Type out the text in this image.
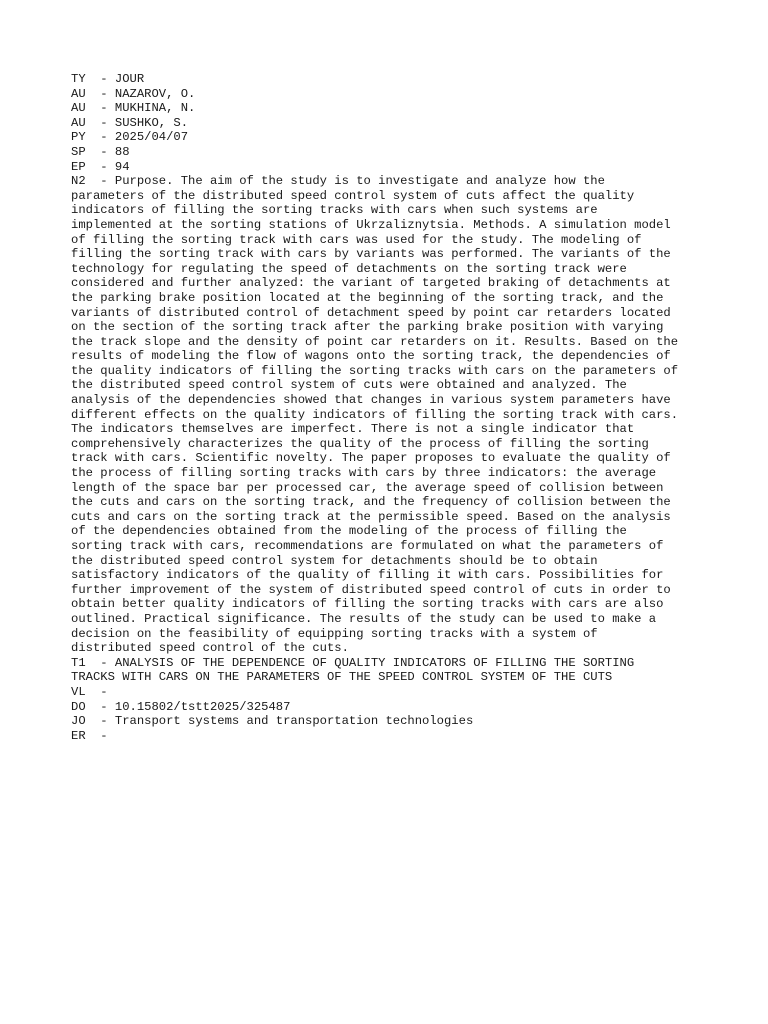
TY  - JOUR
AU  - NAZAROV, O.
AU  - MUKHINA, N.
AU  - SUSHKO, S.
PY  - 2025/04/07
SP  - 88
EP  - 94
N2  - Purpose. The aim of the study is to investigate and analyze how the
parameters of the distributed speed control system of cuts affect the quality
indicators of filling the sorting tracks with cars when such systems are
implemented at the sorting stations of Ukrzaliznytsia. Methods. A simulation model
of filling the sorting track with cars was used for the study. The modeling of
filling the sorting track with cars by variants was performed. The variants of the
technology for regulating the speed of detachments on the sorting track were
considered and further analyzed: the variant of targeted braking of detachments at
the parking brake position located at the beginning of the sorting track, and the
variants of distributed control of detachment speed by point car retarders located
on the section of the sorting track after the parking brake position with varying
the track slope and the density of point car retarders on it. Results. Based on the
results of modeling the flow of wagons onto the sorting track, the dependencies of
the quality indicators of filling the sorting tracks with cars on the parameters of
the distributed speed control system of cuts were obtained and analyzed. The
analysis of the dependencies showed that changes in various system parameters have
different effects on the quality indicators of filling the sorting track with cars.
The indicators themselves are imperfect. There is not a single indicator that
comprehensively characterizes the quality of the process of filling the sorting
track with cars. Scientific novelty. The paper proposes to evaluate the quality of
the process of filling sorting tracks with cars by three indicators: the average
length of the space bar per processed car, the average speed of collision between
the cuts and cars on the sorting track, and the frequency of collision between the
cuts and cars on the sorting track at the permissible speed. Based on the analysis
of the dependencies obtained from the modeling of the process of filling the
sorting track with cars, recommendations are formulated on what the parameters of
the distributed speed control system for detachments should be to obtain
satisfactory indicators of the quality of filling it with cars. Possibilities for
further improvement of the system of distributed speed control of cuts in order to
obtain better quality indicators of filling the sorting tracks with cars are also
outlined. Practical significance. The results of the study can be used to make a
decision on the feasibility of equipping sorting tracks with a system of
distributed speed control of the cuts.
T1  - ANALYSIS OF THE DEPENDENCE OF QUALITY INDICATORS OF FILLING THE SORTING
TRACKS WITH CARS ON THE PARAMETERS OF THE SPEED CONTROL SYSTEM OF THE CUTS
VL  -
DO  - 10.15802/tstt2025/325487
JO  - Transport systems and transportation technologies
ER  -
